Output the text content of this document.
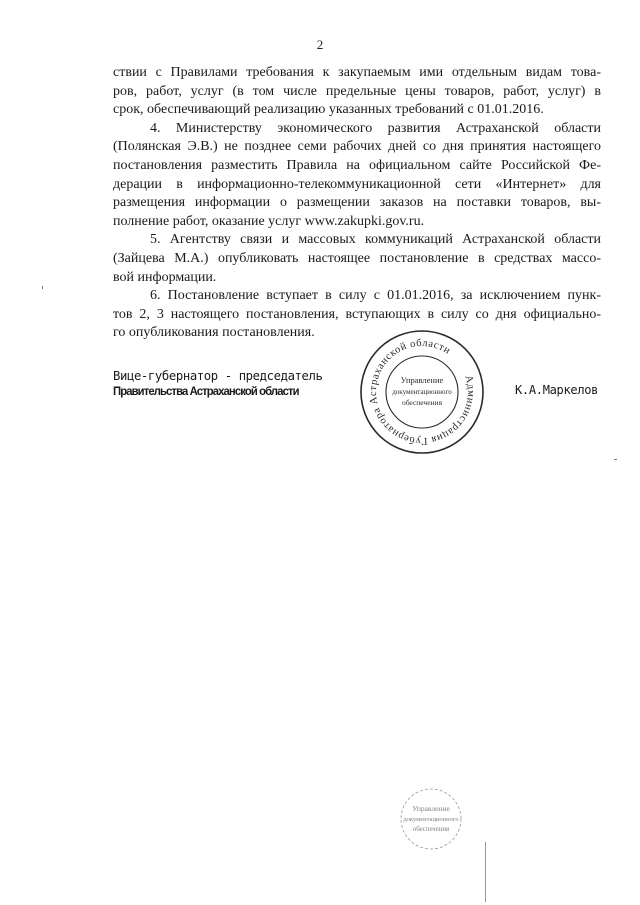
2

ствии с Правилами требования к закупаемым ими отдельным видам това-
ров, работ, услуг (в том числе предельные цены товаров, работ, услуг) в
срок, обеспечивающий реализацию указанных требований с 01.01.2016.

4. Министерству экономического развития Астраханской области
(Полянская Э.В.) не позднее семи рабочих дней со дня принятия настоящего
постановления разместить Правила на официальном сайте Российской Фе-
дерации в информационно-телекоммуникационной сети «Интернет» для
размещения информации о размещении заказов на поставки товаров, вы-
полнение работ, оказание услуг www.zakupki.gov.ru.

5. Агентству связи и массовых коммуникаций Астраханской области
(Зайцева М.А.) опубликовать настоящее постановление в средствах массо-
вой информации.

6. Постановление вступает в силу с 01.01.2016, за исключением пунк-
тов 2, 3 настоящего постановления, вступающих в силу со дня официально-
го опубликования постановления.

Вице-губернатор - председатель
Правительства Астраханской области	К.А.Маркелов
Администрация Губернатора Астраханской области
Управление
документационного
обеспечения
Управление
документационного
обеспечения
